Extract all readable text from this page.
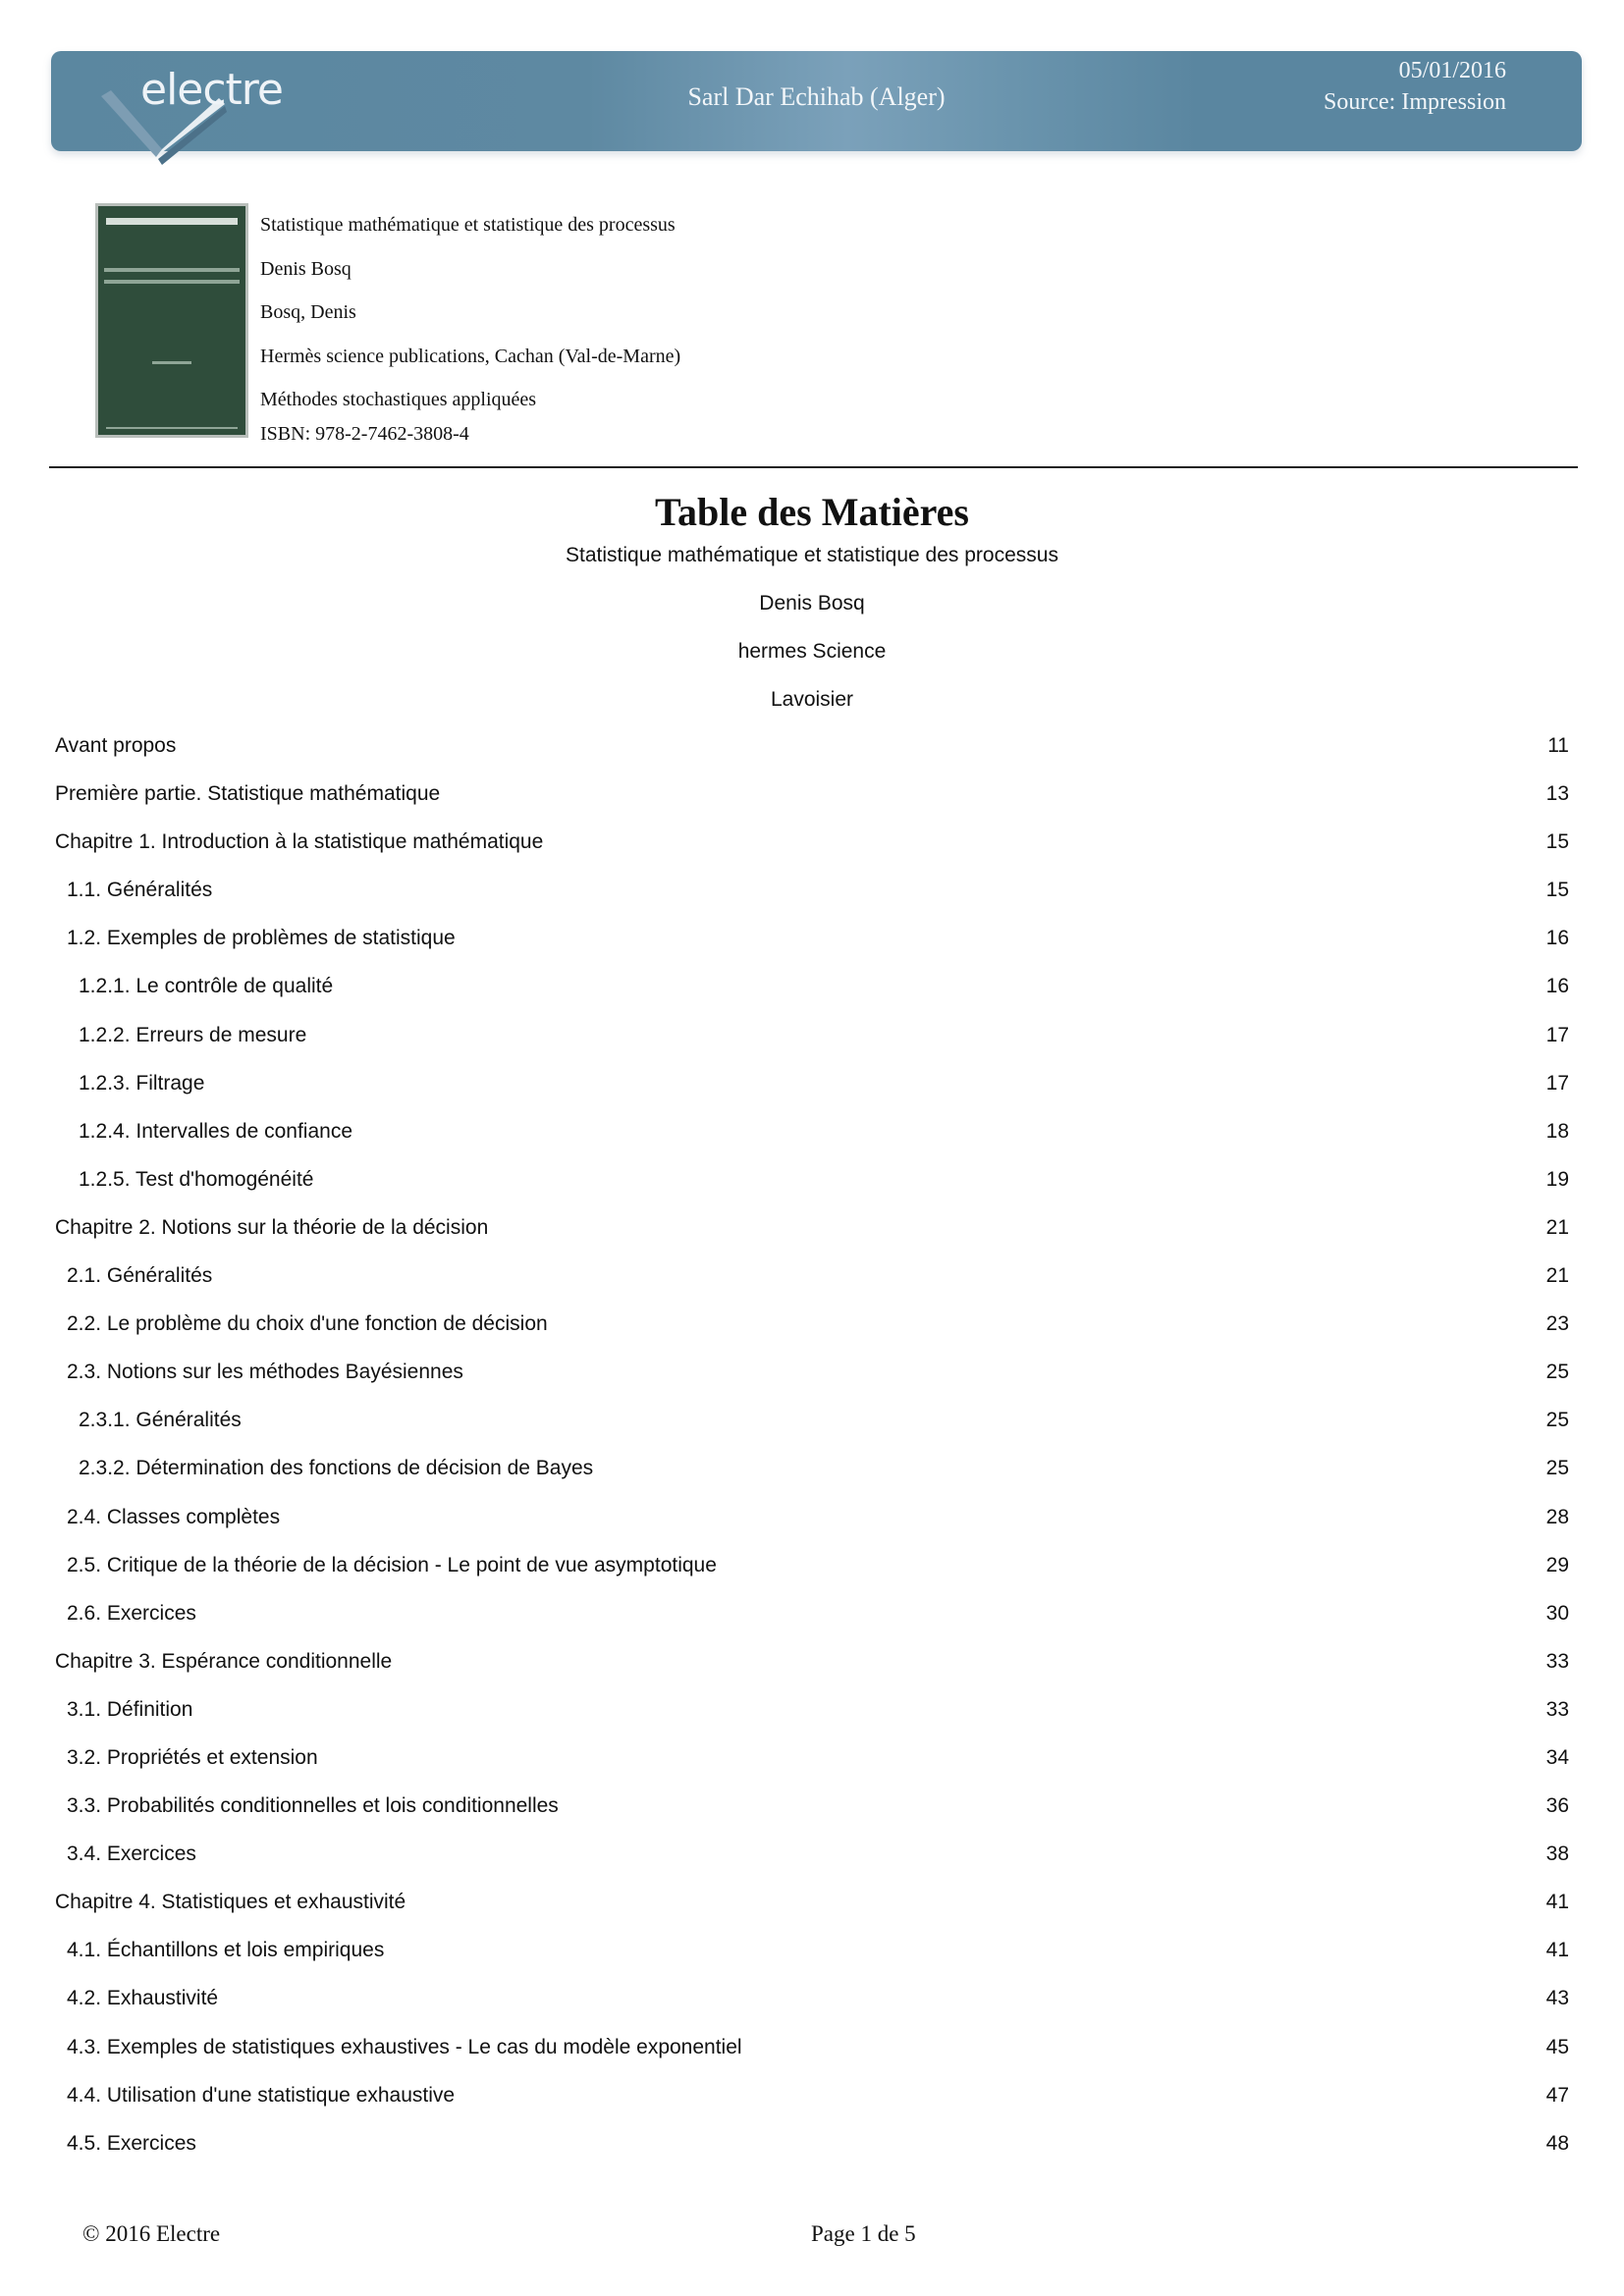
electre	Sarl Dar Echihab (Alger)
05/01/2016
Source: Impression
Statistique mathématique et statistique des processus
Denis Bosq
Bosq, Denis
Hermès science publications, Cachan (Val-de-Marne)
Méthodes stochastiques appliquées
ISBN: 978-2-7462-3808-4
Table des Matières
Statistique mathématique et statistique des processus
Denis Bosq
hermes Science
Lavoisier
Avant propos	11
Première partie. Statistique mathématique	13
Chapitre 1. Introduction à la statistique mathématique	15
1.1. Généralités	15
1.2. Exemples de problèmes de statistique	16
1.2.1. Le contrôle de qualité	16
1.2.2. Erreurs de mesure	17
1.2.3. Filtrage	17
1.2.4. Intervalles de confiance	18
1.2.5. Test d'homogénéité	19
Chapitre 2. Notions sur la théorie de la décision	21
2.1. Généralités	21
2.2. Le problème du choix d'une fonction de décision	23
2.3. Notions sur les méthodes Bayésiennes	25
2.3.1. Généralités	25
2.3.2. Détermination des fonctions de décision de Bayes	25
2.4. Classes complètes	28
2.5. Critique de la théorie de la décision - Le point de vue asymptotique	29
2.6. Exercices	30
Chapitre 3. Espérance conditionnelle	33
3.1. Définition	33
3.2. Propriétés et extension	34
3.3. Probabilités conditionnelles et lois conditionnelles	36
3.4. Exercices	38
Chapitre 4. Statistiques et exhaustivité	41
4.1. Échantillons et lois empiriques	41
4.2. Exhaustivité	43
4.3. Exemples de statistiques exhaustives - Le cas du modèle exponentiel	45
4.4. Utilisation d'une statistique exhaustive	47
4.5. Exercices	48
© 2016 Electre	Page 1 de 5
